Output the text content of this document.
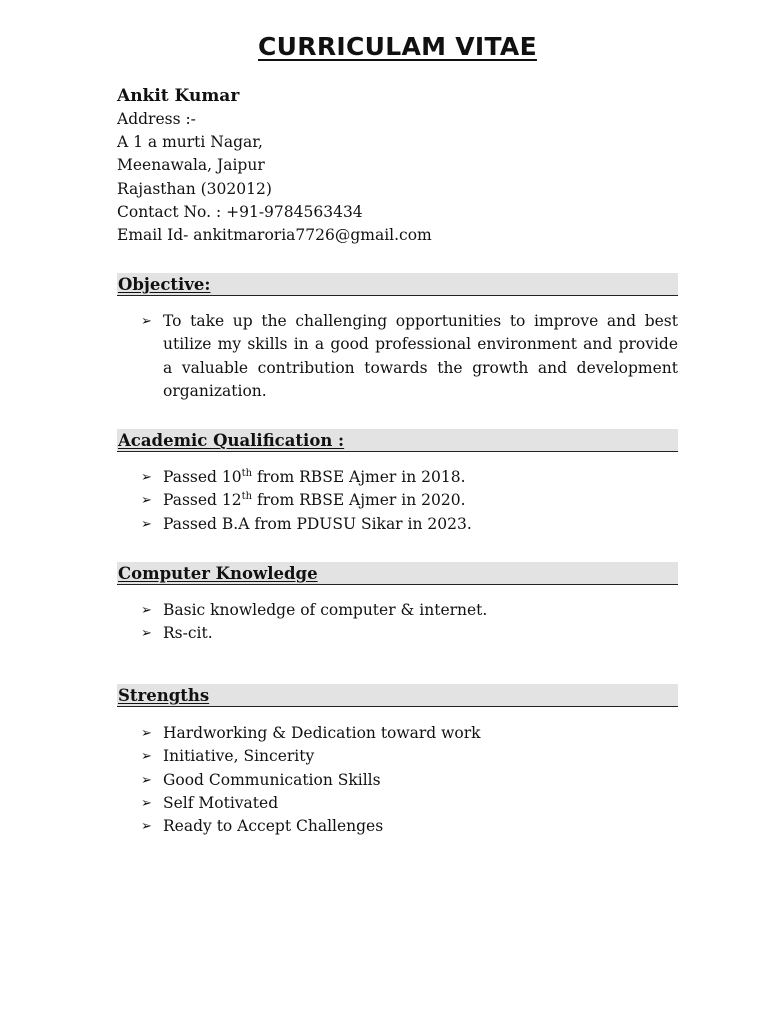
CURRICULAM VITAE

Ankit Kumar

Address :-

A 1 a murti Nagar,

Meenawala, Jaipur

Rajasthan (302012)

Contact No. : +91-9784563434

Email Id- ankitmaroria7726@gmail.com

Objective:
➢ To take up the challenging opportunities to improve and best utilize my skills in a good professional environment and provide a valuable contribution towards the growth and development organization.
Academic Qualification :
➢ Passed 10th from RBSE Ajmer in 2018.
➢ Passed 12th from RBSE Ajmer in 2020.
➢ Passed B.A from PDUSU Sikar in 2023.
Computer Knowledge
➢ Basic knowledge of computer & internet.
➢ Rs-cit.
Strengths
➢ Hardworking & Dedication toward work
➢ Initiative, Sincerity
➢ Good Communication Skills
➢ Self Motivated
➢ Ready to Accept Challenges
